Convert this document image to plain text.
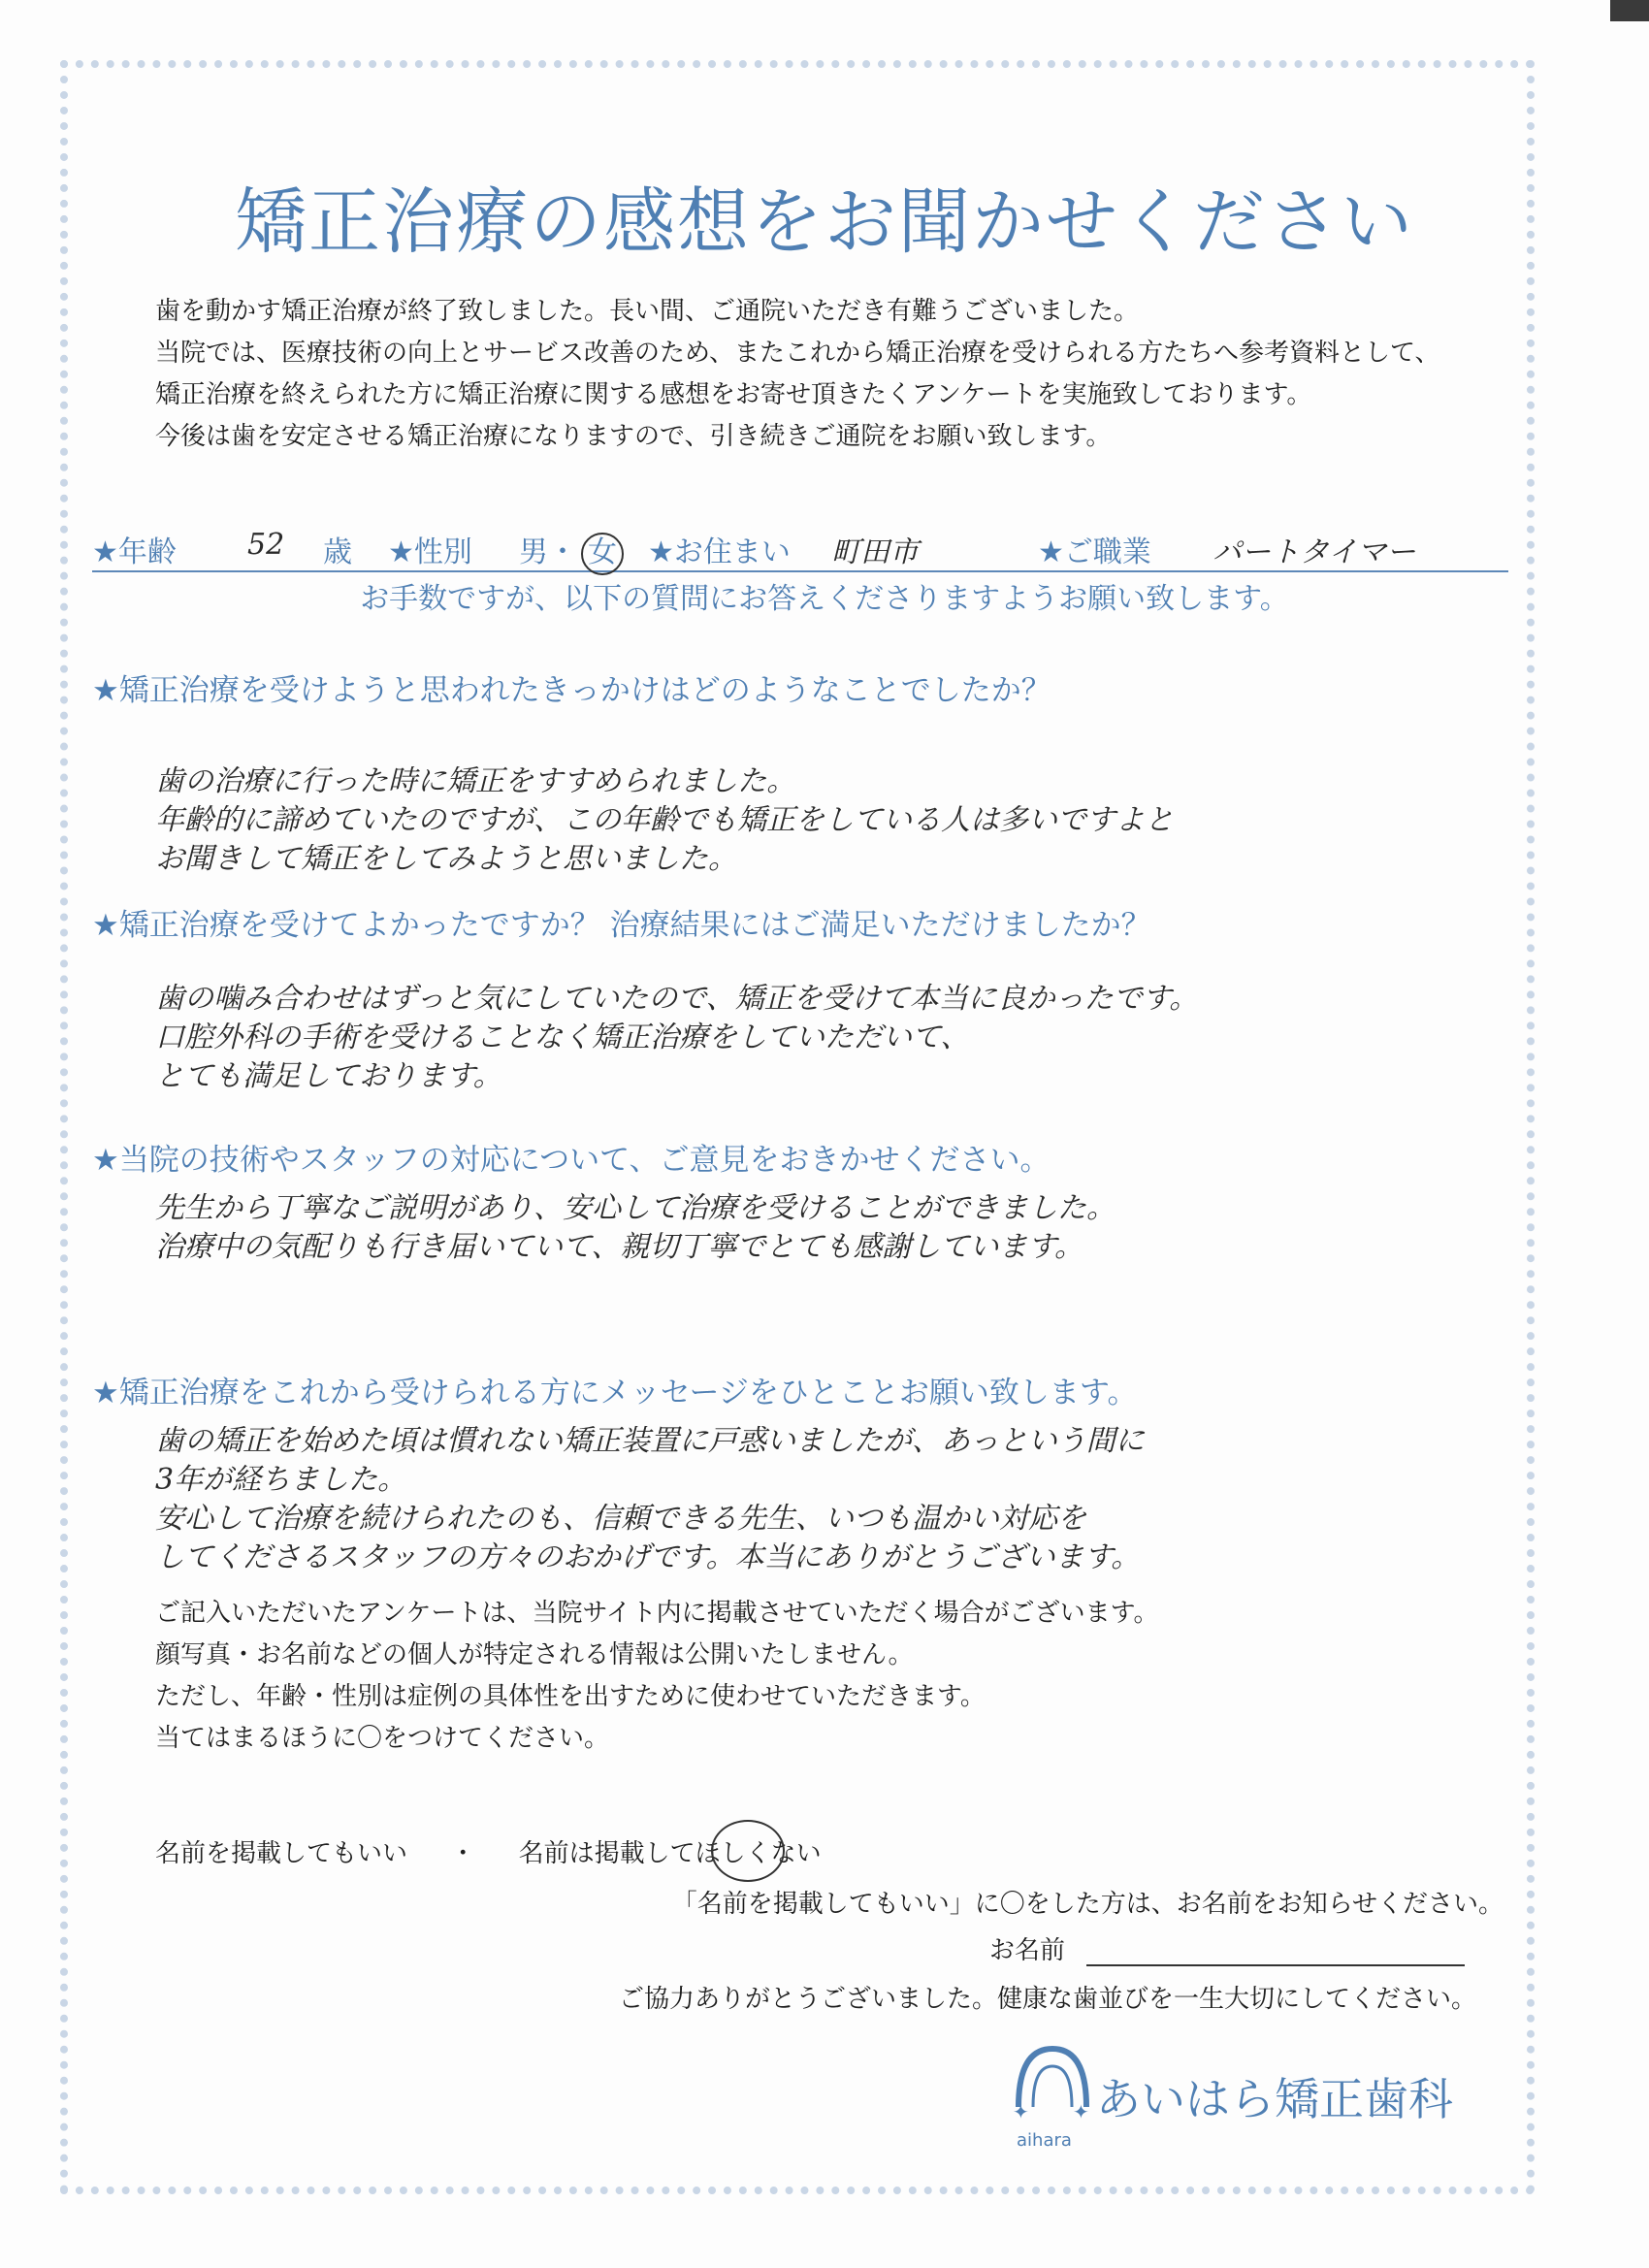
矯正治療の感想をお聞かせください
歯を動かす矯正治療が終了致しました。長い間、ご通院いただき有難うございました。
当院では、医療技術の向上とサービス改善のため、またこれから矯正治療を受けられる方たちへ参考資料として、
矯正治療を終えられた方に矯正治療に関する感想をお寄せ頂きたくアンケートを実施致しております。
今後は歯を安定させる矯正治療になりますので、引き続きご通院をお願い致します。
★年齢 52 歳 ★性別 男・ 女 ★お住まい 町田市	★ご職業 パートタイマー
お手数ですが、以下の質問にお答えくださりますようお願い致します。
★矯正治療を受けようと思われたきっかけはどのようなことでしたか？
歯の治療に行った時に矯正をすすめられました。
年齢的に諦めていたのですが、この年齢でも矯正をしている人は多いですよと
お聞きして矯正をしてみようと思いました。
★矯正治療を受けてよかったですか？ 治療結果にはご満足いただけましたか？
歯の噛み合わせはずっと気にしていたので、矯正を受けて本当に良かったです。
口腔外科の手術を受けることなく矯正治療をしていただいて、
とても満足しております。
★当院の技術やスタッフの対応について、ご意見をおきかせください。
先生から丁寧なご説明があり、安心して治療を受けることができました。
治療中の気配りも行き届いていて、親切丁寧でとても感謝しています。
★矯正治療をこれから受けられる方にメッセージをひとことお願い致します。
歯の矯正を始めた頃は慣れない矯正装置に戸惑いましたが、あっという間に
3年が経ちました。
安心して治療を続けられたのも、信頼できる先生、いつも温かい対応を
してくださるスタッフの方々のおかげです。本当にありがとうございます。
ご記入いただいたアンケートは、当院サイト内に掲載させていただく場合がございます。
顔写真・お名前などの個人が特定される情報は公開いたしません。
ただし、年齢・性別は症例の具体性を出すために使わせていただきます。
当てはまるほうに〇をつけてください。
名前を掲載してもいい ・ 名前は掲載してほしくない
「名前を掲載してもいい」に〇をした方は、お名前をお知らせください。
お名前
ご協力ありがとうございました。健康な歯並びを一生大切にしてください。
✦ ✦ あいはら矯正歯科
aihara
